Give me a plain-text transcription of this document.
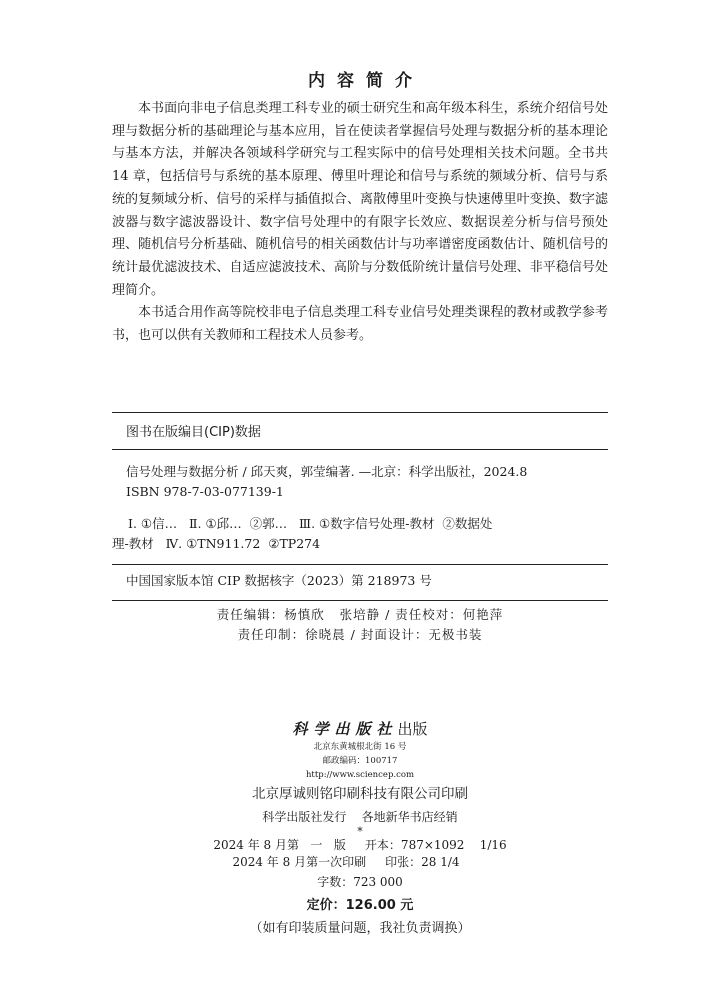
内容简介

本书面向非电子信息类理工科专业的硕士研究生和高年级本科生，系统介绍信号处理与数据分析的基础理论与基本应用，旨在使读者掌握信号处理与数据分析的基本理论与基本方法，并解决各领域科学研究与工程实际中的信号处理相关技术问题。全书共 14 章，包括信号与系统的基本原理、傅里叶理论和信号与系统的频域分析、信号与系统的复频域分析、信号的采样与插值拟合、离散傅里叶变换与快速傅里叶变换、数字滤波器与数字滤波器设计、数字信号处理中的有限字长效应、数据误差分析与信号预处理、随机信号分析基础、随机信号的相关函数估计与功率谱密度函数估计、随机信号的统计最优滤波技术、自适应滤波技术、高阶与分数低阶统计量信号处理、非平稳信号处理简介。

本书适合用作高等院校非电子信息类理工科专业信号处理类课程的教材或教学参考书，也可以供有关教师和工程技术人员参考。

图书在版编目(CIP)数据
信号处理与数据分析 / 邱天爽，郭莹编著. —北京：科学出版社，2024.8
ISBN 978-7-03-077139-1
Ⅰ. ①信…   Ⅱ. ①邱…  ②郭…   Ⅲ. ①数字信号处理-教材  ②数据处
理-教材   Ⅳ. ①TN911.72  ②TP274
中国国家版本馆 CIP 数据核字（2023）第 218973 号
责任编辑：杨慎欣   张培静 / 责任校对：何艳萍
责任印制：徐晓晨 / 封面设计：无极书装
科学出版社出版
北京东黄城根北街 16 号
邮政编码：100717
http://www.sciencep.com
北京厚诚则铭印刷科技有限公司印刷
科学出版社发行    各地新华书店经销
*
2024 年 8 月第   一   版     开本：787×1092    1/16
2024 年 8 月第一次印刷     印张：28 1/4
字数：723 000
定价：126.00 元
（如有印装质量问题，我社负责调换）
